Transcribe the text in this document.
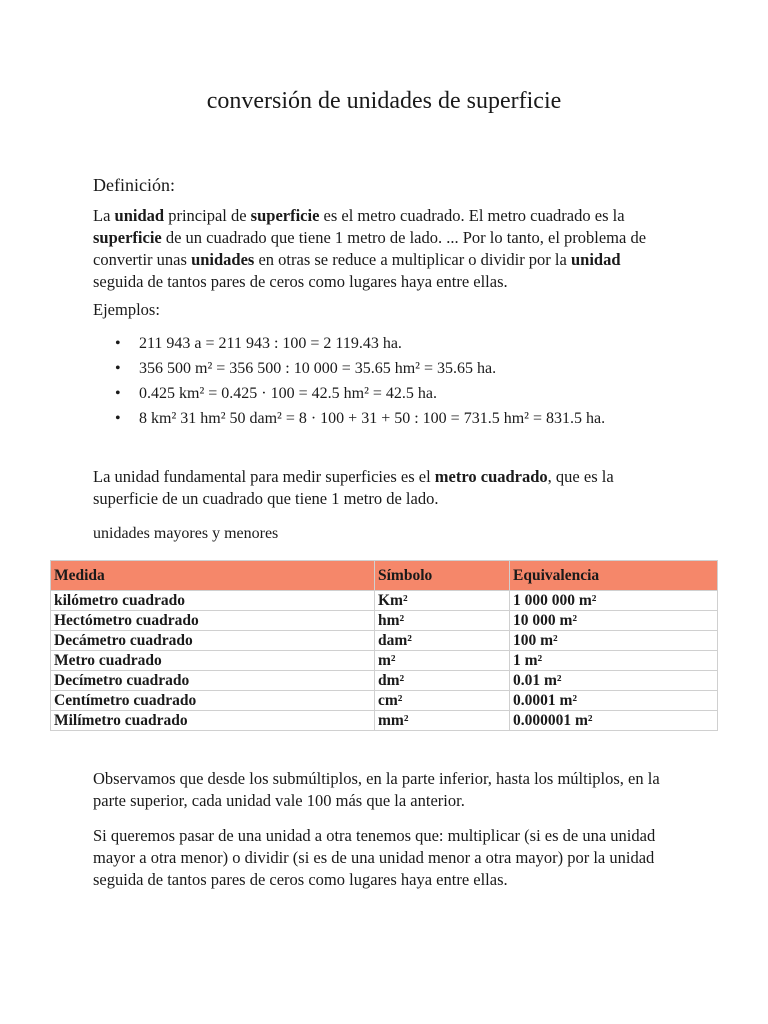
conversión de unidades de superficie
Definición:

La unidad principal de superficie es el metro cuadrado. El metro cuadrado es la superficie de un cuadrado que tiene 1 metro de lado. ... Por lo tanto, el problema de convertir unas unidades en otras se reduce a multiplicar o dividir por la unidad seguida de tantos pares de ceros como lugares haya entre ellas.

Ejemplos:

• 211 943 a = 211 943 : 100 = 2 119.43 ha.
• 356 500 m² = 356 500 : 10 000 = 35.65 hm² = 35.65 ha.
• 0.425 km² = 0.425 · 100 = 42.5 hm² = 42.5 ha.
• 8 km² 31 hm² 50 dam² = 8 · 100 + 31 + 50 : 100 = 731.5 hm² = 831.5 ha.

La unidad fundamental para medir superficies es el metro cuadrado, que es la superficie de un cuadrado que tiene 1 metro de lado.

unidades mayores y menores

Medida	Símbolo	Equivalencia
kilómetro cuadrado	Km²	1 000 000 m²
Hectómetro cuadrado	hm²	10 000 m²
Decámetro cuadrado	dam²	100 m²
Metro cuadrado	m²	1 m²
Decímetro cuadrado	dm²	0.01 m²
Centímetro cuadrado	cm²	0.0001 m²
Milímetro cuadrado	mm²	0.000001 m²

Observamos que desde los submúltiplos, en la parte inferior, hasta los múltiplos, en la parte superior, cada unidad vale 100 más que la anterior.

Si queremos pasar de una unidad a otra tenemos que: multiplicar (si es de una unidad mayor a otra menor) o dividir (si es de una unidad menor a otra mayor) por la unidad seguida de tantos pares de ceros como lugares haya entre ellas.
